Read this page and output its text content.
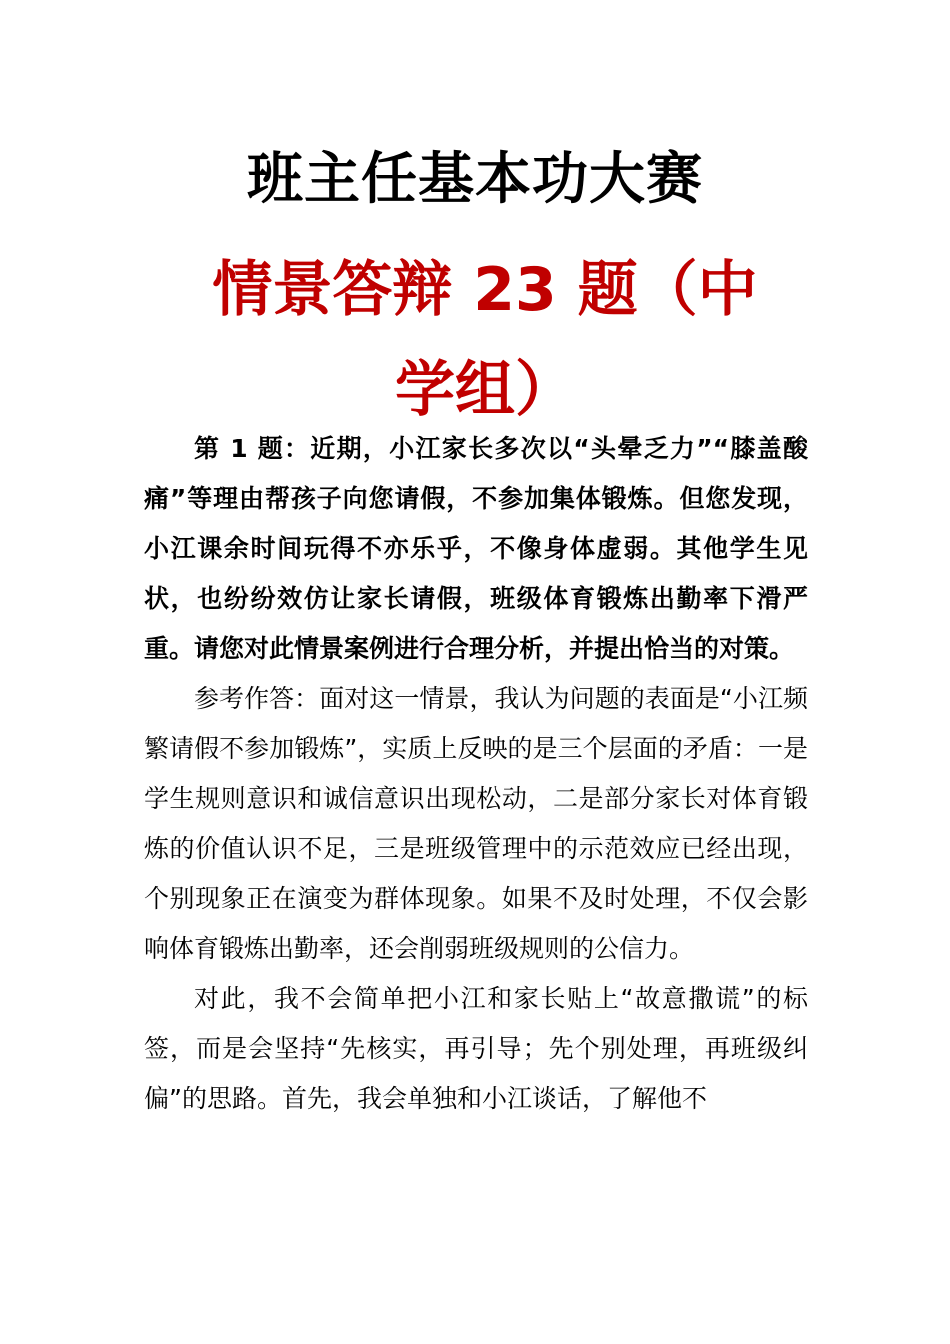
班主任基本功大赛
情景答辩 23 题（中学组）

第 1 题：近期，小江家长多次以“头晕乏力”“膝盖酸痛”等理由帮孩子向您请假，不参加集体锻炼。但您发现，小江课余时间玩得不亦乐乎，不像身体虚弱。其他学生见状，也纷纷效仿让家长请假，班级体育锻炼出勤率下滑严重。请您对此情景案例进行合理分析，并提出恰当的对策。

参考作答：面对这一情景，我认为问题的表面是“小江频繁请假不参加锻炼”，实质上反映的是三个层面的矛盾：一是学生规则意识和诚信意识出现松动，二是部分家长对体育锻炼的价值认识不足，三是班级管理中的示范效应已经出现，个别现象正在演变为群体现象。如果不及时处理，不仅会影响体育锻炼出勤率，还会削弱班级规则的公信力。

对此，我不会简单把小江和家长贴上“故意撒谎”的标签，而是会坚持“先核实，再引导；先个别处理，再班级纠偏”的思路。首先，我会单独和小江谈话，了解他不
